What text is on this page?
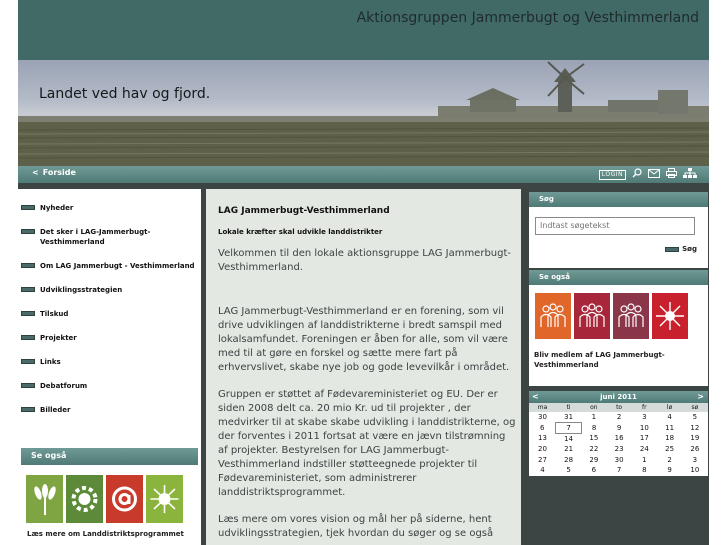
Aktionsgruppen Jammerbugt og Vesthimmerland
Landet ved hav og fjord.
< Forside	LOGIN
Nyheder
Det sker i LAG-Jammerbugt-Vesthimmerland
Om LAG Jammerbugt - Vesthimmerland
Udviklingsstrategien
Tilskud
Projekter
Links
Debatforum
Billeder
Se også
Læs mere om Landdistriktsprogrammet
LAG Jammerbugt-Vesthimmerland
Lokale kræfter skal udvikle landdistrikter

Velkommen til den lokale aktionsgruppe LAG Jammerbugt-Vesthimmerland.

LAG Jammerbugt-Vesthimmerland er en forening, som vil drive udviklingen af landdistrikterne i bredt samspil med lokalsamfundet. Foreningen er åben for alle, som vil være med til at gøre en forskel og sætte mere fart på erhvervslivet, skabe nye job og gode levevilkår i området.

Gruppen er støttet af Fødevareministeriet og EU. Der er siden 2008 delt ca. 20 mio Kr. ud til projekter , der medvirker til at skabe skabe udvikling i landdistrikterne, og der forventes i 2011 fortsat at være en jævn tilstrømning af projekter. Bestyrelsen for LAG Jammerbugt-Vesthimmerland indstiller støtteegnede projekter til Fødevareministeriet, som administrerer landdistriktsprogrammet.

Læs mere om vores vision og mål her på siderne, hent udviklingsstrategien, tjek hvordan du søger og se også

Søg
Indtast søgetekst
Søg
Se også
Bliv medlem af LAG Jammerbugt-Vesthimmerland
<	juni 2011	>
ma	ti	on	to	fr	lø	sø
30	31	1	2	3	4	5
6	7	8	9	10	11	12
13	14	15	16	17	18	19
20	21	22	23	24	25	26
27	28	29	30	1	2	3
4	5	6	7	8	9	10
